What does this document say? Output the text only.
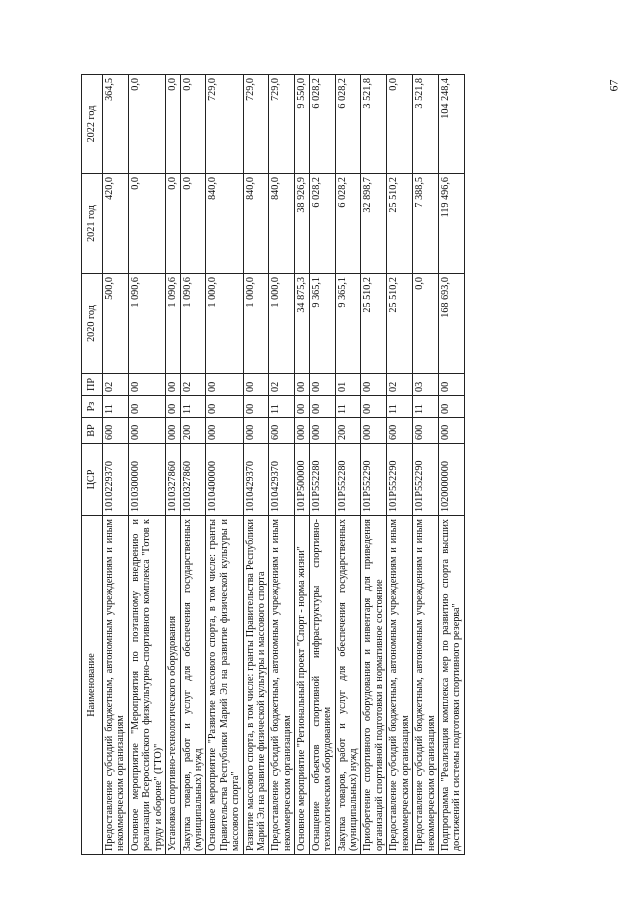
67
Наименование	ЦСР	ВР	Рз	ПР	2020 год	2021 год	2022 год
Предоставление субсидий бюджетным, автономным учреждениям и иным некоммерческим организациям	1010229370	600	11	02	500,0	420,0	364,5
Основное мероприятие "Мероприятия по поэтапному внедрению и реализации Всероссийского физкультурно-спортивного комплекса "Готов к труду и обороне" (ГТО)"	1010300000	000	00	00	1 090,6	0,0	0,0
Установка спортивно-технологического оборудования	1010327860	000	00	00	1 090,6	0,0	0,0
Закупка товаров, работ и услуг для обеспечения государственных (муниципальных) нужд	1010327860	200	11	02	1 090,6	0,0	0,0
Основное мероприятие "Развитие массового спорта, в том числе: гранты Правительства Республики Марий Эл на развитие физической культуры и массового спорта"	1010400000	000	00	00	1 000,0	840,0	729,0
Развитие массового спорта, в том числе: гранты Правительства Республики Марий Эл на развитие физической культуры и массового спорта	1010429370	000	00	00	1 000,0	840,0	729,0
Предоставление субсидий бюджетным, автономным учреждениям и иным некоммерческим организациям	1010429370	600	11	02	1 000,0	840,0	729,0
Основное мероприятие "Региональный проект "Спорт - норма жизни"	101P500000	000	00	00	34 875,3	38 926,9	9 550,0
Оснащение объектов спортивной инфраструктуры спортивно-технологическим оборудованием	101P552280	000	00	00	9 365,1	6 028,2	6 028,2
Закупка товаров, работ и услуг для обеспечения государственных (муниципальных) нужд	101P552280	200	11	01	9 365,1	6 028,2	6 028,2
Приобретение спортивного оборудования и инвентаря для приведения организаций спортивной подготовки в нормативное состояние	101P552290	000	00	00	25 510,2	32 898,7	3 521,8
Предоставление субсидий бюджетным, автономным учреждениям и иным некоммерческим организациям	101P552290	600	11	02	25 510,2	25 510,2	0,0
Предоставление субсидий бюджетным, автономным учреждениям и иным некоммерческим организациям	101P552290	600	11	03	0,0	7 388,5	3 521,8
Подпрограмма "Реализация комплекса мер по развитию спорта высших достижений и системы подготовки спортивного резерва"	1020000000	000	00	00	168 693,0	119 496,6	104 248,4
